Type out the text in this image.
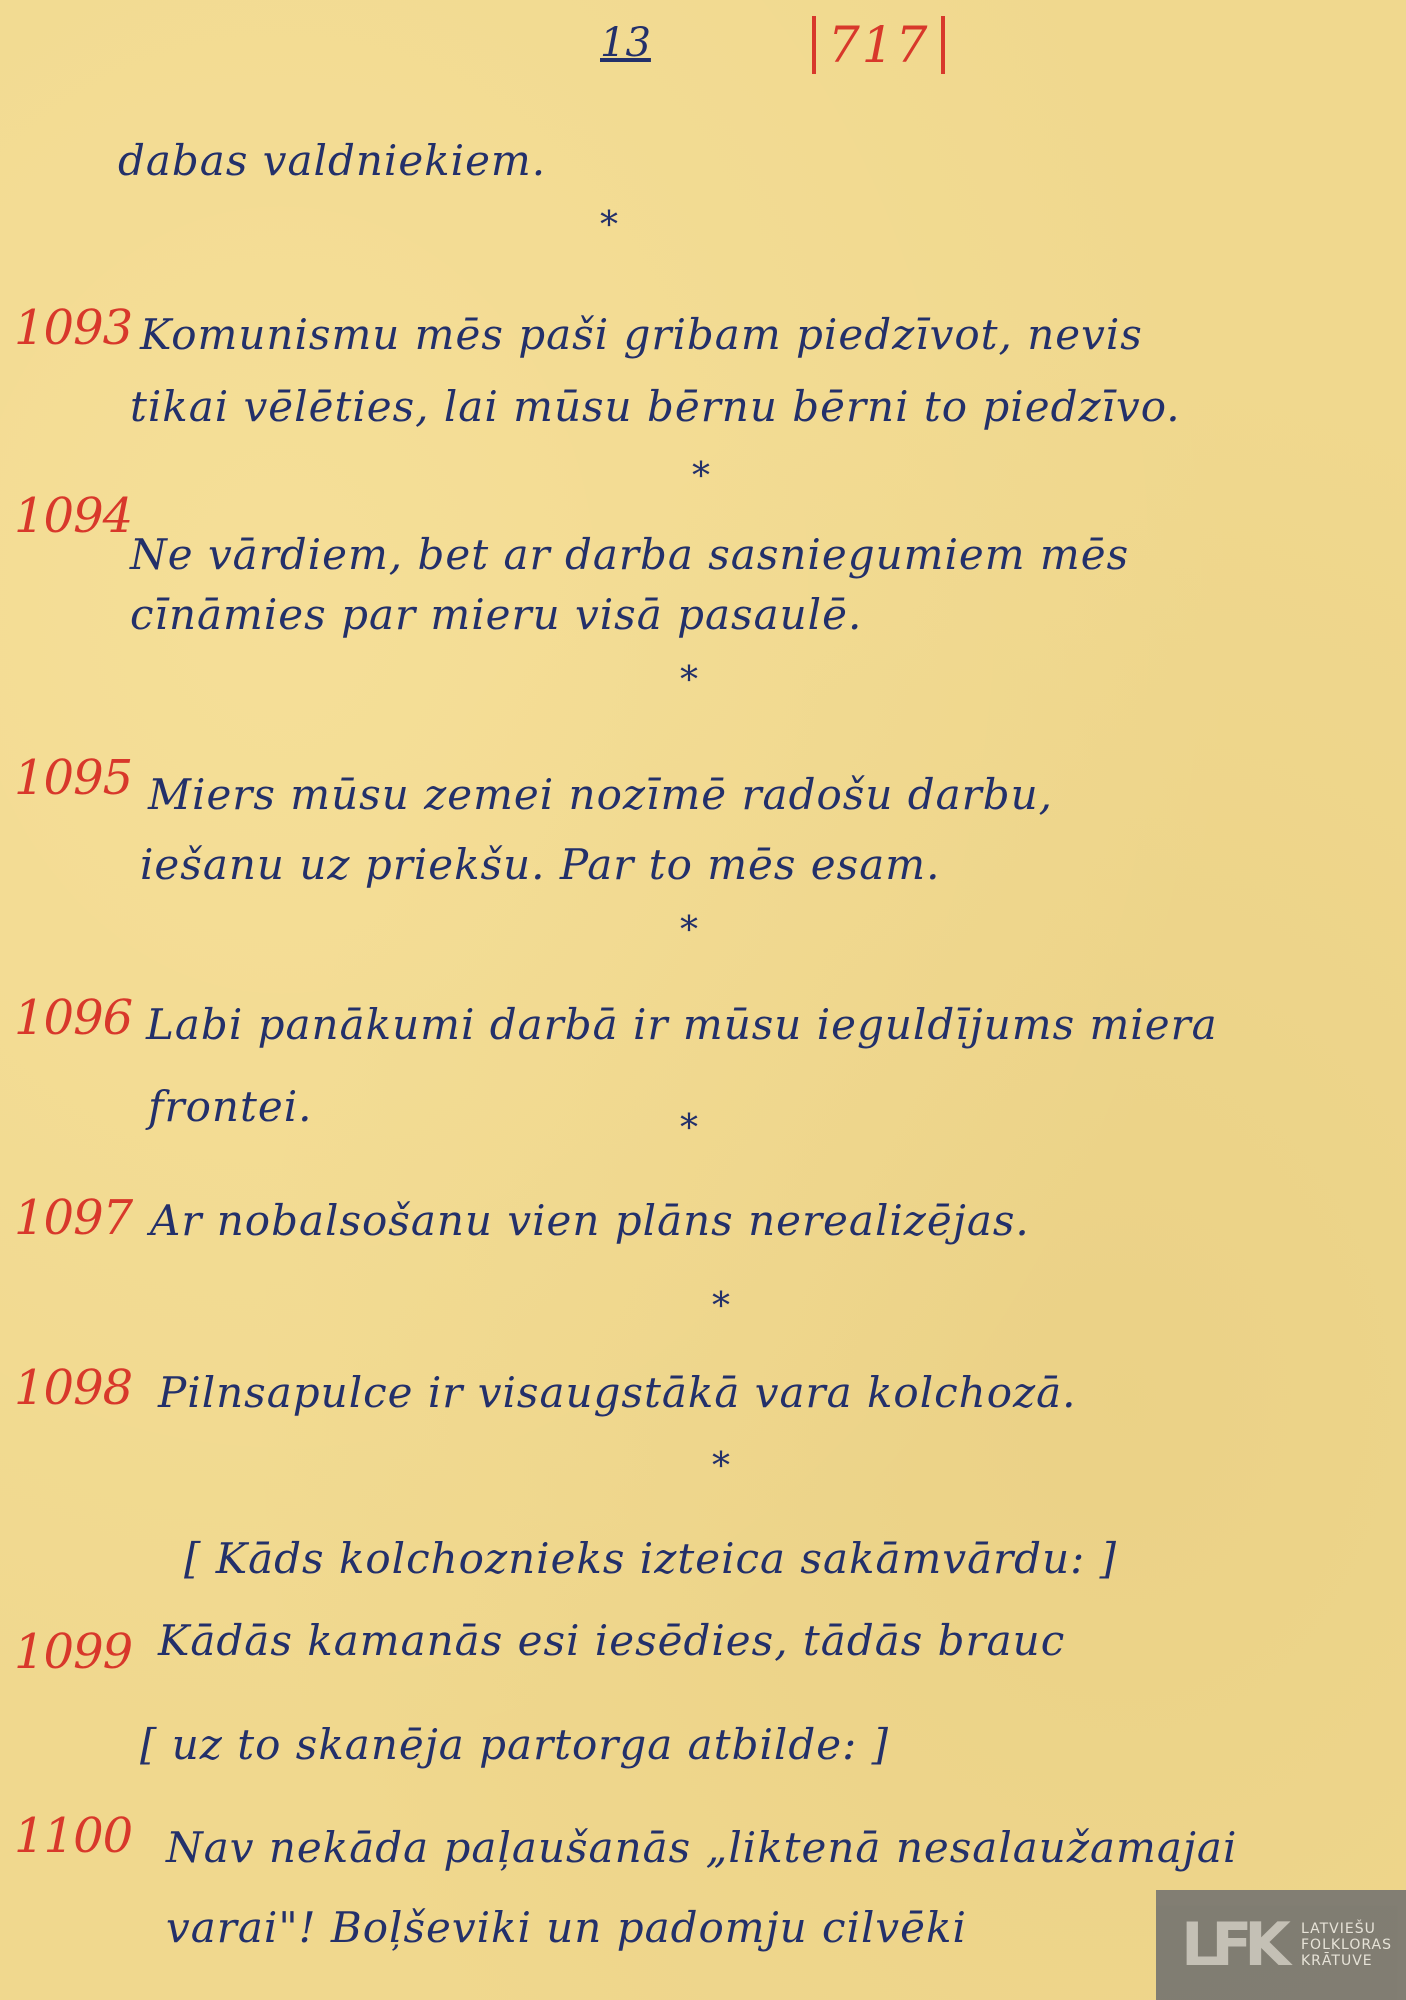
13	717
dabas valdniekiem.
*
1093 Komunismu mēs paši gribam piedzīvot, nevis
tikai vēlēties, lai mūsu bērnu bērni to piedzīvo.
*
1094
Ne vārdiem, bet ar darba sasniegumiem mēs
cīnāmies par mieru visā pasaulē.
*
1095 Miers mūsu zemei nozīmē radošu darbu,
iešanu uz priekšu. Par to mēs esam.
*
1096 Labi panākumi darbā ir mūsu ieguldījums miera
frontei.	*
1097 Ar nobalsošanu vien plāns nerealizējas.
*
1098 Pilnsapulce ir visaugstākā vara kolchozā.
*
[ Kāds kolchoznieks izteica sakāmvārdu: ]
1099 Kādās kamanās esi iesēdies, tādās brauc
[ uz to skanēja partorga atbilde: ]
1100 Nav nekāda paļaušanās „liktenā nesalaužamajai varai"! Boļševiki un padomju cilvēki	LFK	LATVIEŠU
FOLKLORAS
KRĀTUVE
